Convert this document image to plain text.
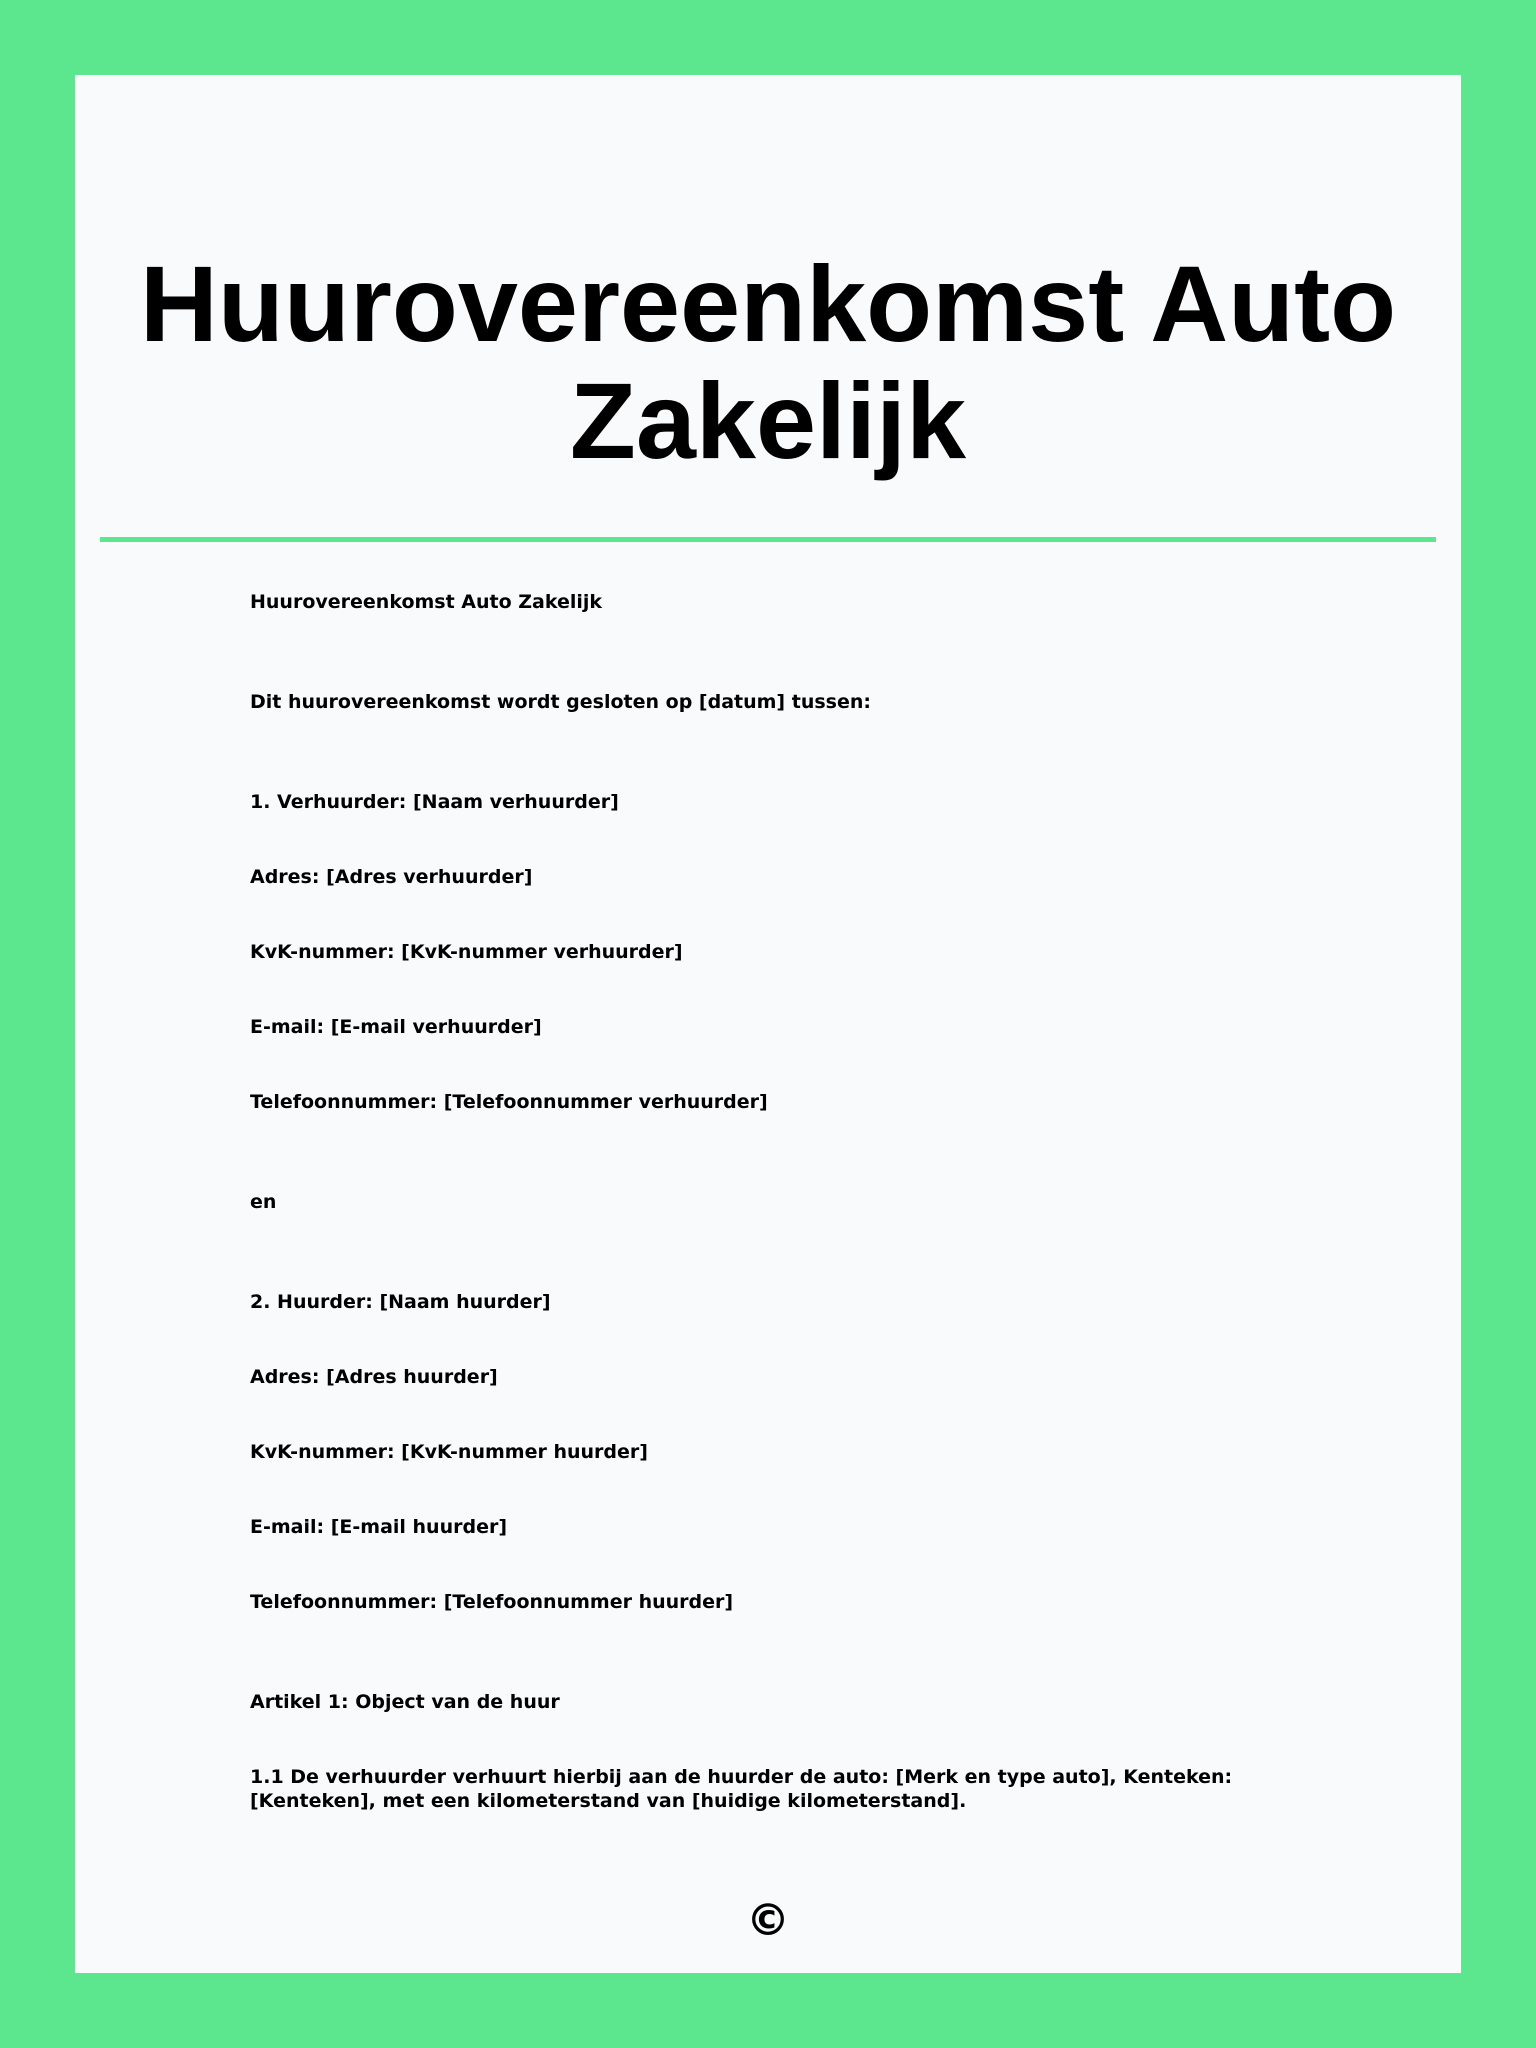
Huurovereenkomst Auto Zakelijk
Huurovereenkomst Auto Zakelijk
Dit huurovereenkomst wordt gesloten op [datum] tussen:
1. Verhuurder: [Naam verhuurder]
Adres: [Adres verhuurder]
KvK-nummer: [KvK-nummer verhuurder]
E-mail: [E-mail verhuurder]
Telefoonnummer: [Telefoonnummer verhuurder]
en
2. Huurder: [Naam huurder]
Adres: [Adres huurder]
KvK-nummer: [KvK-nummer huurder]
E-mail: [E-mail huurder]
Telefoonnummer: [Telefoonnummer huurder]
Artikel 1: Object van de huur
1.1 De verhuurder verhuurt hierbij aan de huurder de auto: [Merk en type auto], Kenteken: [Kenteken], met een kilometerstand van [huidige kilometerstand].
©
